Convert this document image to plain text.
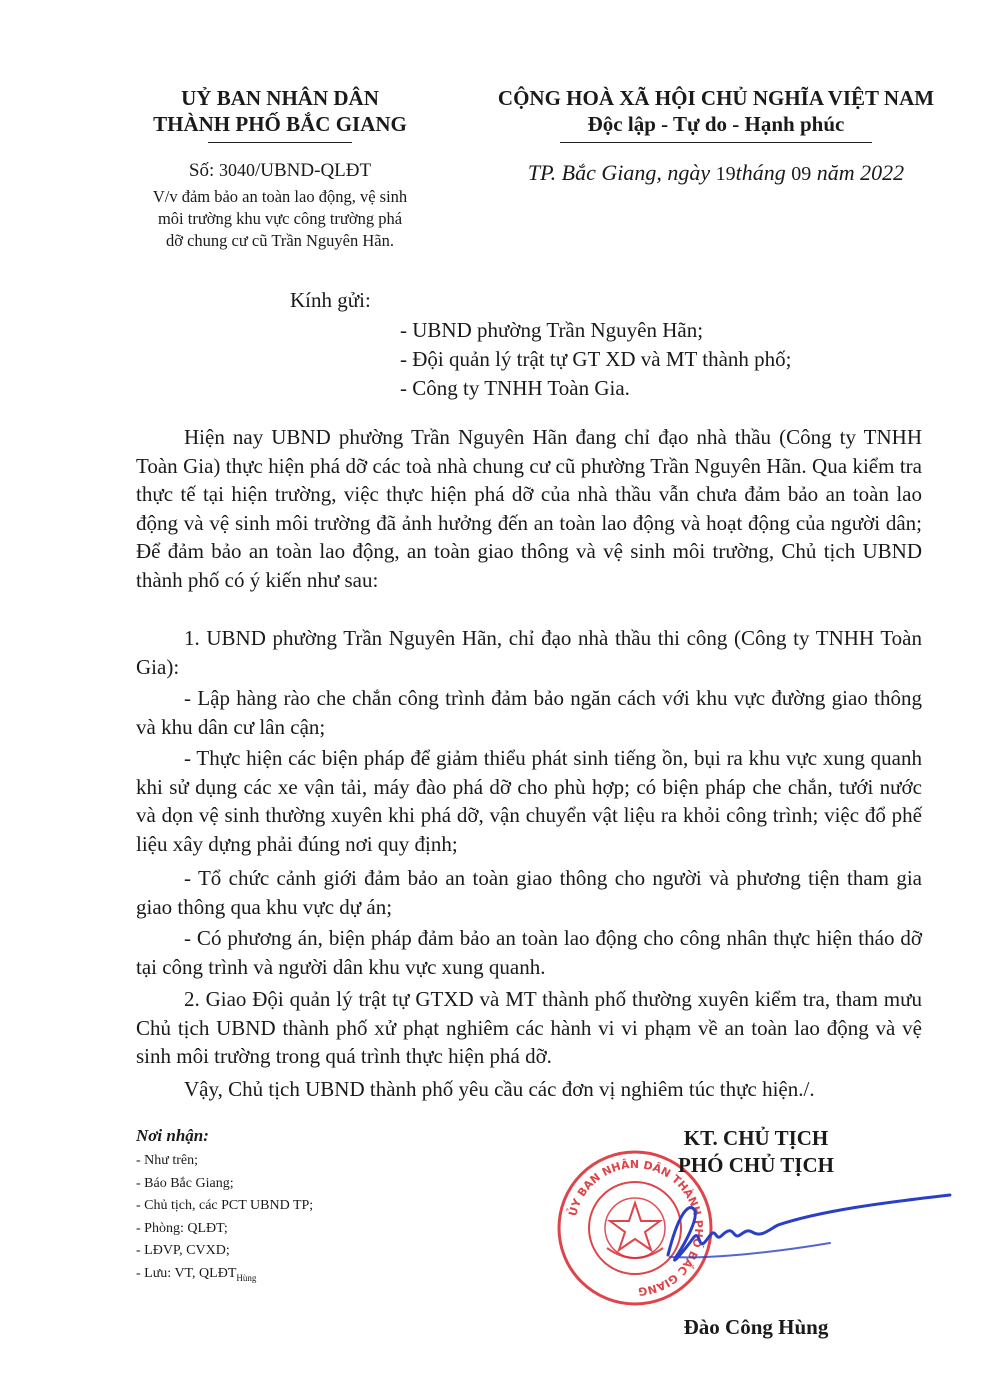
UỶ BAN NHÂN DÂN
THÀNH PHỐ BẮC GIANG
Số: 3040/UBND-QLĐT
V/v đảm bảo an toàn lao động, vệ sinh
môi trường khu vực công trường phá
dỡ chung cư cũ Trần Nguyên Hãn.
CỘNG HOÀ XÃ HỘI CHỦ NGHĨA VIỆT NAM
Độc lập - Tự do - Hạnh phúc
TP. Bắc Giang, ngày 19tháng 09 năm 2022
Kính gửi:
- UBND phường Trần Nguyên Hãn;
- Đội quản lý trật tự GT XD và MT thành phố;
- Công ty TNHH Toàn Gia.

Hiện nay UBND phường Trần Nguyên Hãn đang chỉ đạo nhà thầu (Công ty TNHH Toàn Gia) thực hiện phá dỡ các toà nhà chung cư cũ phường Trần Nguyên Hãn. Qua kiểm tra thực tế tại hiện trường, việc thực hiện phá dỡ của nhà thầu vẫn chưa đảm bảo an toàn lao động và vệ sinh môi trường đã ảnh hưởng đến an toàn lao động và hoạt động của người dân; Để đảm bảo an toàn lao động, an toàn giao thông và vệ sinh môi trường, Chủ tịch UBND thành phố có ý kiến như sau:

1. UBND phường Trần Nguyên Hãn, chỉ đạo nhà thầu thi công (Công ty TNHH Toàn Gia):

- Lập hàng rào che chắn công trình đảm bảo ngăn cách với khu vực đường giao thông và khu dân cư lân cận;

- Thực hiện các biện pháp để giảm thiểu phát sinh tiếng ồn, bụi ra khu vực xung quanh khi sử dụng các xe vận tải, máy đào phá dỡ cho phù hợp; có biện pháp che chắn, tưới nước và dọn vệ sinh thường xuyên khi phá dỡ, vận chuyển vật liệu ra khỏi công trình; việc đổ phế liệu xây dựng phải đúng nơi quy định;

- Tổ chức cảnh giới đảm bảo an toàn giao thông cho người và phương tiện tham gia giao thông qua khu vực dự án;

- Có phương án, biện pháp đảm bảo an toàn lao động cho công nhân thực hiện tháo dỡ tại công trình và người dân khu vực xung quanh.

2. Giao Đội quản lý trật tự GTXD và MT thành phố thường xuyên kiểm tra, tham mưu Chủ tịch UBND thành phố xử phạt nghiêm các hành vi vi phạm về an toàn lao động và vệ sinh môi trường trong quá trình thực hiện phá dỡ.

Vậy, Chủ tịch UBND thành phố yêu cầu các đơn vị nghiêm túc thực hiện./.

Nơi nhận:
- Như trên;
- Báo Bắc Giang;
- Chủ tịch, các PCT UBND TP;
- Phòng: QLĐT;
- LĐVP, CVXD;
- Lưu: VT, $QLĐT_{Hùng}$
ỦY BAN NHÂN DÂN THÀNH PHỐ BẮC GIANG
KT. CHỦ TỊCH
PHÓ CHỦ TỊCH
Đào Công Hùng
